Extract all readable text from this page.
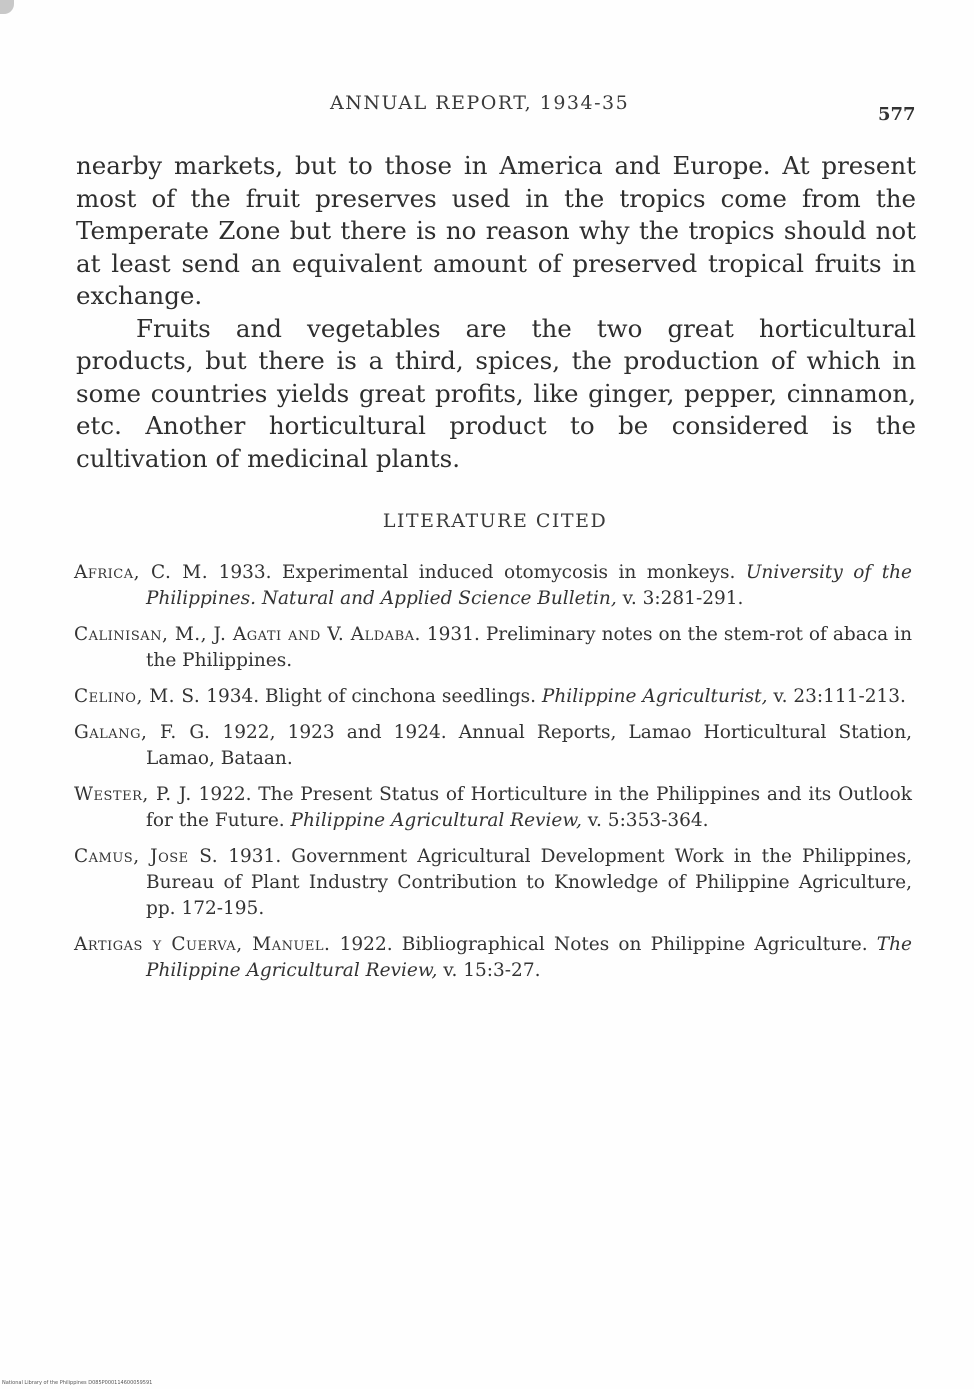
ANNUAL REPORT, 1934-35
577

nearby markets, but to those in America and Europe. At present most of the fruit preserves used in the tropics come from the Temperate Zone but there is no reason why the tropics should not at least send an equivalent amount of preserved tropical fruits in exchange.

Fruits and vegetables are the two great horticultural products, but there is a third, spices, the production of which in some countries yields great profits, like ginger, pepper, cinnamon, etc. Another horticultural product to be considered is the cultivation of medicinal plants.

LITERATURE CITED
Africa, C. M. 1933. Experimental induced otomycosis in monkeys. University of the Philippines. Natural and Applied Science Bulletin, v. 3:281-291.
Calinisan, M., J. Agati and V. Aldaba. 1931. Preliminary notes on the stem-rot of abaca in the Philippines.
Celino, M. S. 1934. Blight of cinchona seedlings. Philippine Agriculturist, v. 23:111-213.
Galang, F. G. 1922, 1923 and 1924. Annual Reports, Lamao Horticultural Station, Lamao, Bataan.
Wester, P. J. 1922. The Present Status of Horticulture in the Philippines and its Outlook for the Future. Philippine Agricultural Review, v. 5:353-364.
Camus, Jose S. 1931. Government Agricultural Development Work in the Philippines, Bureau of Plant Industry Contribution to Knowledge of Philippine Agriculture, pp. 172-195.
Artigas y Cuerva, Manuel. 1922. Bibliographical Notes on Philippine Agriculture. The Philippine Agricultural Review, v. 15:3-27.
National Library of the Philippines D085P000114600059591
